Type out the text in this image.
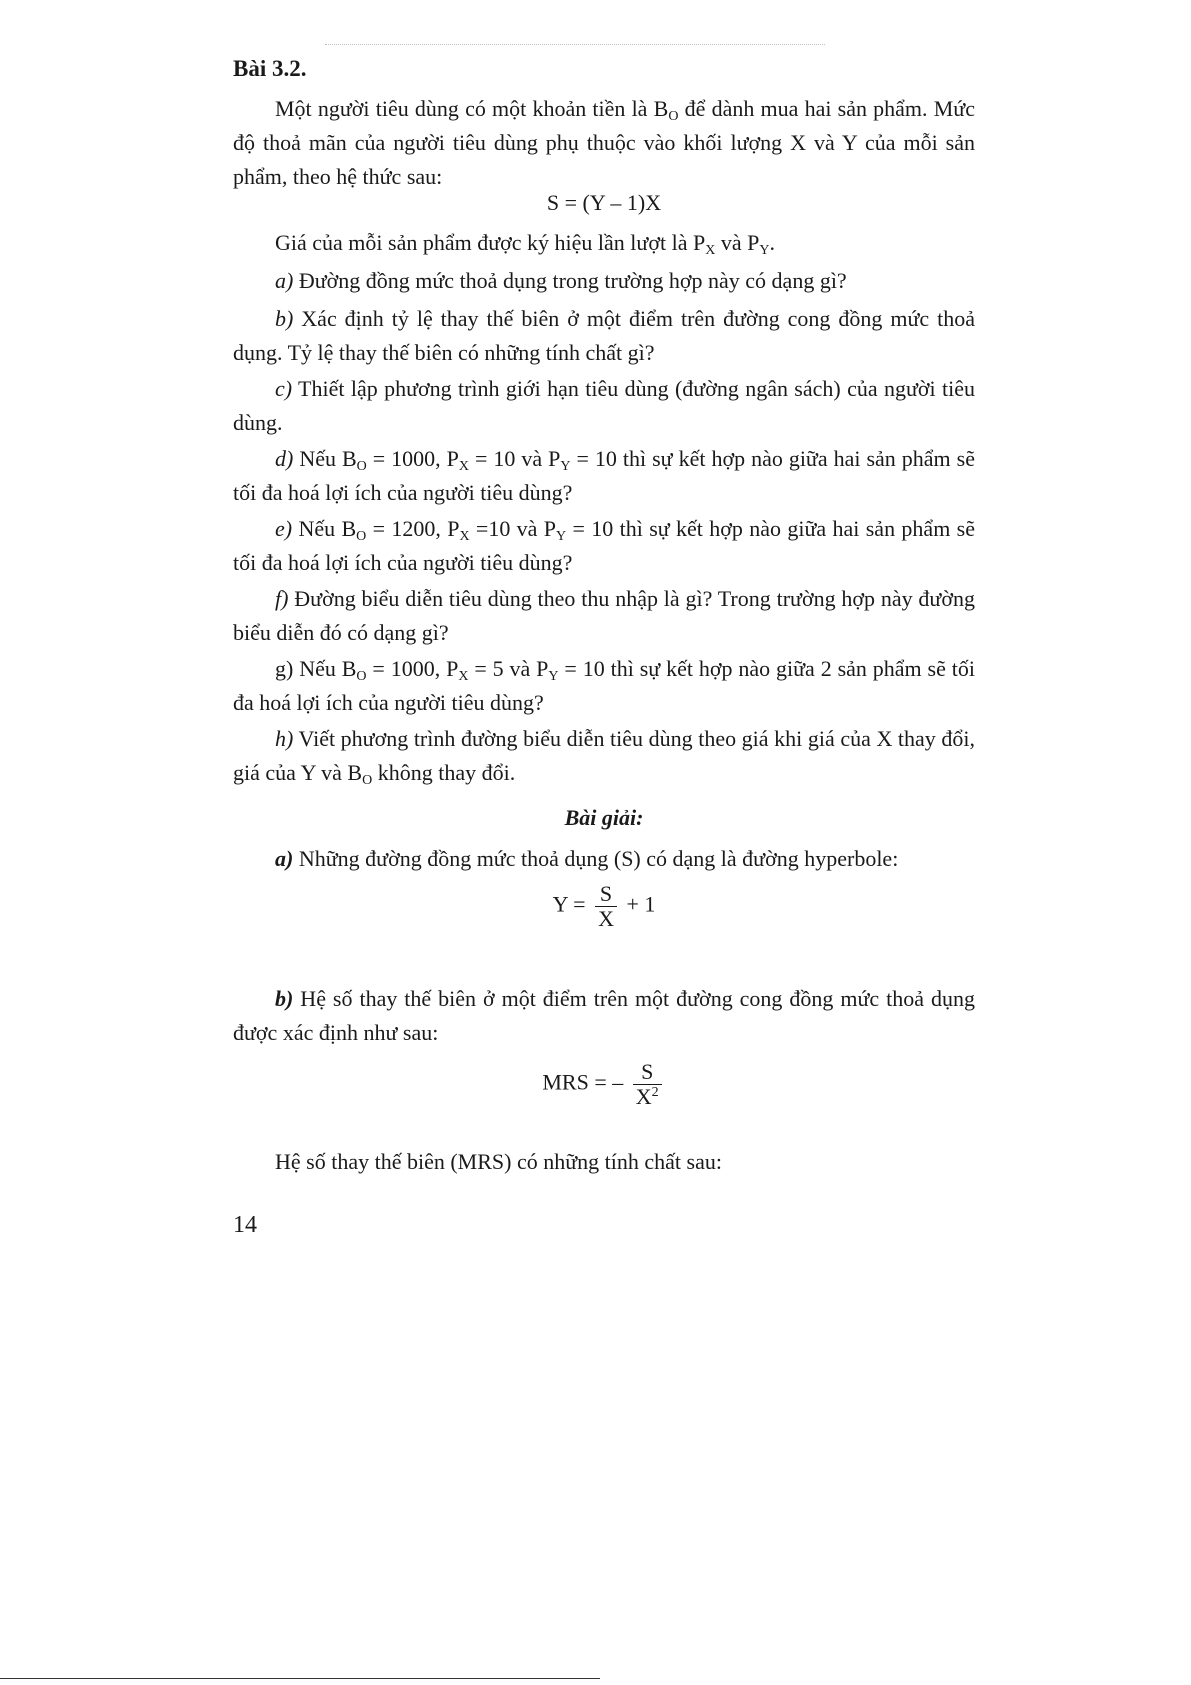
Bài 3.2.

Một người tiêu dùng có một khoản tiền là $B_O$ để dành mua hai sản phẩm. Mức độ thoả mãn của người tiêu dùng phụ thuộc vào khối lượng X và Y của mỗi sản phẩm, theo hệ thức sau:

S = (Y – 1)X

Giá của mỗi sản phẩm được ký hiệu lần lượt là $P_X$ và $P_Y$.

a) Đường đồng mức thoả dụng trong trường hợp này có dạng gì?

b) Xác định tỷ lệ thay thế biên ở một điểm trên đường cong đồng mức thoả dụng. Tỷ lệ thay thế biên có những tính chất gì?

c) Thiết lập phương trình giới hạn tiêu dùng (đường ngân sách) của người tiêu dùng.

d) Nếu $B_O = 1000$, $P_X = 10$ và $P_Y = 10$ thì sự kết hợp nào giữa hai sản phẩm sẽ tối đa hoá lợi ích của người tiêu dùng?

e) Nếu $B_O = 1200$, $P_X =10$ và $P_Y = 10$ thì sự kết hợp nào giữa hai sản phẩm sẽ tối đa hoá lợi ích của người tiêu dùng?

f) Đường biểu diễn tiêu dùng theo thu nhập là gì? Trong trường hợp này đường biểu diễn đó có dạng gì?

g) Nếu $B_O = 1000$, $P_X = 5$ và $P_Y = 10$ thì sự kết hợp nào giữa 2 sản phẩm sẽ tối đa hoá lợi ích của người tiêu dùng?

h) Viết phương trình đường biểu diễn tiêu dùng theo giá khi giá của X thay đổi, giá của Y và $B_O$ không thay đổi.

Bài giải:

a) Những đường đồng mức thoả dụng (S) có dạng là đường hyperbole:

$Y = \frac{S}{X} + 1$

b) Hệ số thay thế biên ở một điểm trên một đường cong đồng mức thoả dụng được xác định như sau:

MRS = – $\frac{S}{X^2}$

Hệ số thay thế biên (MRS) có những tính chất sau:

14
